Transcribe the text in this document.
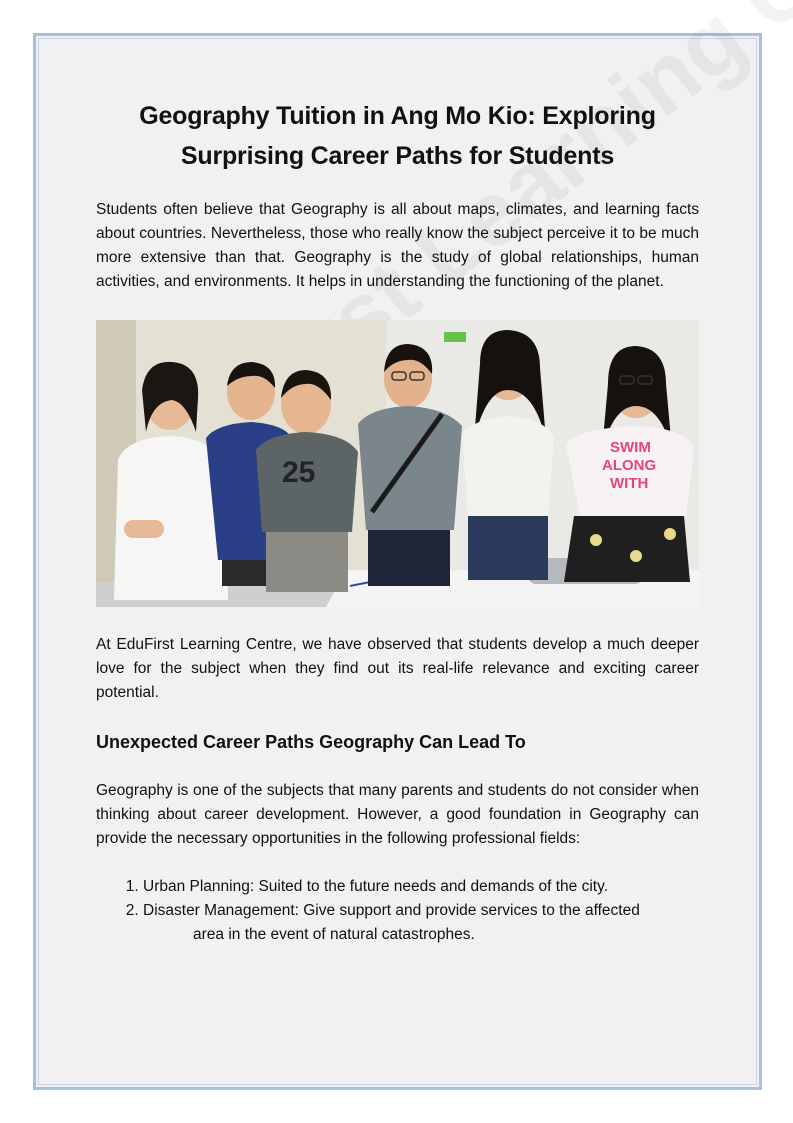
Geography Tuition in Ang Mo Kio: Exploring Surprising Career Paths for Students

Students often believe that Geography is all about maps, climates, and learning facts about countries. Nevertheless, those who really know the subject perceive it to be much more extensive than that. Geography is the study of global relationships, human activities, and environments. It helps in understanding the functioning of the planet.

25
SWIM
ALONG
WITH

At EduFirst Learning Centre, we have observed that students develop a much deeper love for the subject when they find out its real-life relevance and exciting career potential.

Unexpected Career Paths Geography Can Lead To

Geography is one of the subjects that many parents and students do not consider when thinking about career development. However, a good foundation in Geography can provide the necessary opportunities in the following professional fields:

1. Urban Planning: Suited to the future needs and demands of the city.
2. Disaster Management: Give support and provide services to the affected
area in the event of natural catastrophes.
